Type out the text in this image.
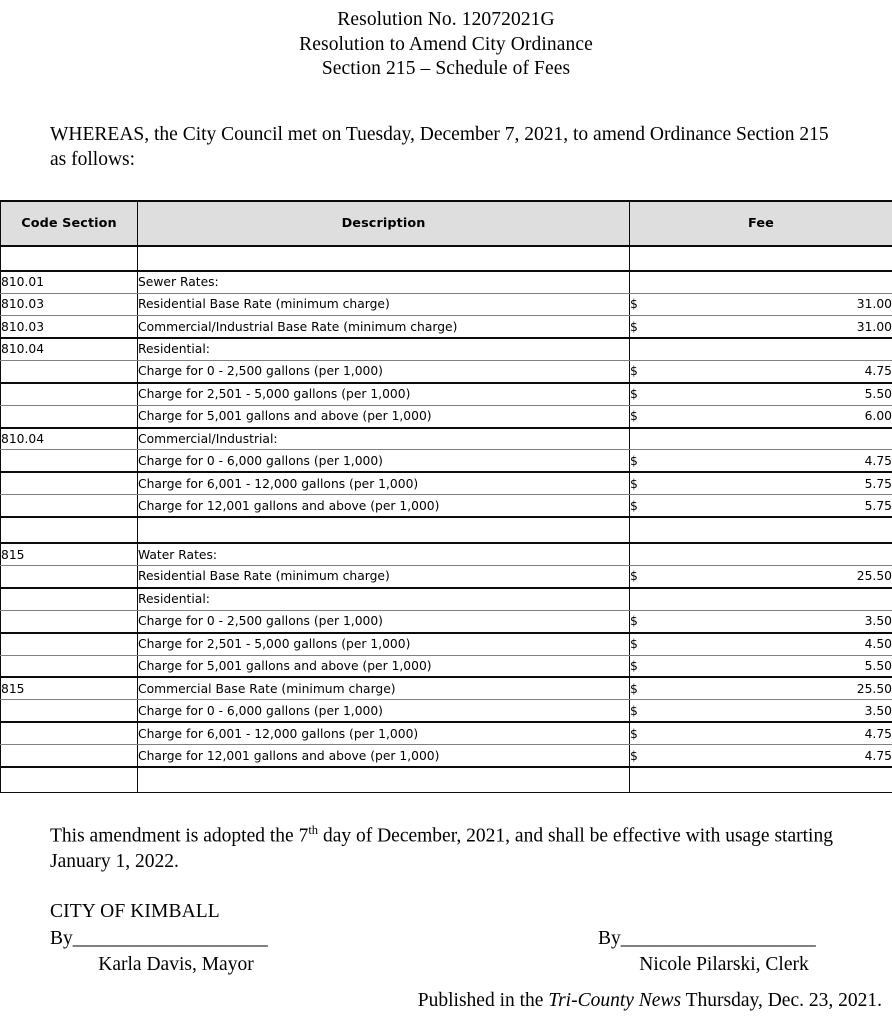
Resolution No. 12072021G
Resolution to Amend City Ordinance
Section 215 – Schedule of Fees

WHEREAS, the City Council met on Tuesday, December 7, 2021, to amend Ordinance Section 215 as follows:

Code Section	Description	Fee

810.01	Sewer Rates:	
810.03	Residential Base Rate (minimum charge)	$ 31.00

810.03	Commercial/Industrial Base Rate (minimum charge)	$ 31.00

810.04	Residential:	
	Charge for 0 - 2,500 gallons (per 1,000)	$ 4.75

	Charge for 2,501 - 5,000 gallons (per 1,000)	$ 5.50

	Charge for 5,001 gallons and above (per 1,000)	$ 6.00

810.04	Commercial/Industrial:	
	Charge for 0 - 6,000 gallons (per 1,000)	$ 4.75

	Charge for 6,001 - 12,000 gallons (per 1,000)	$ 5.75

	Charge for 12,001 gallons and above (per 1,000)	$ 5.75

815	Water Rates:	
	Residential Base Rate (minimum charge)	$ 25.50

	Residential:	
	Charge for 0 - 2,500 gallons (per 1,000)	$ 3.50

	Charge for 2,501 - 5,000 gallons (per 1,000)	$ 4.50

	Charge for 5,001 gallons and above (per 1,000)	$ 5.50

815	Commercial Base Rate (minimum charge)	$ 25.50

	Charge for 0 - 6,000 gallons (per 1,000)	$ 3.50

	Charge for 6,001 - 12,000 gallons (per 1,000)	$ 4.75

	Charge for 12,001 gallons and above (per 1,000)	$ 4.75

This amendment is adopted the 7th day of December, 2021, and shall be effective with usage starting January 1, 2022.

CITY OF KIMBALL
By____________________
Karla Davis, Mayor
By____________________
Nicole Pilarski, Clerk
Published in the Tri-County News Thursday, Dec. 23, 2021.
